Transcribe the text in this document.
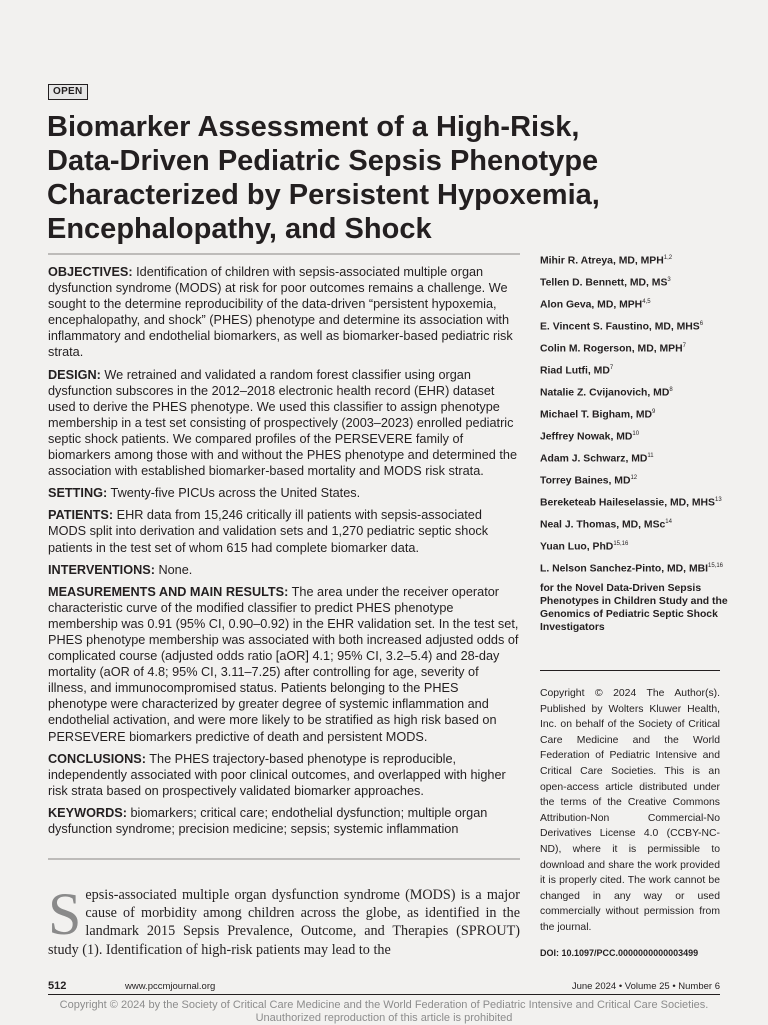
OPEN
Biomarker Assessment of a High-Risk, Data-Driven Pediatric Sepsis Phenotype Characterized by Persistent Hypoxemia, Encephalopathy, and Shock

OBJECTIVES: Identification of children with sepsis-associated multiple organ dysfunction syndrome (MODS) at risk for poor outcomes remains a challenge. We sought to the determine reproducibility of the data-driven “persistent hypoxemia, encephalopathy, and shock” (PHES) phenotype and determine its association with inflammatory and endothelial biomarkers, as well as biomarker-based pediatric risk strata.

DESIGN: We retrained and validated a random forest classifier using organ dysfunction subscores in the 2012–2018 electronic health record (EHR) dataset used to derive the PHES phenotype. We used this classifier to assign phenotype membership in a test set consisting of prospectively (2003–2023) enrolled pediatric septic shock patients. We compared profiles of the PERSEVERE family of biomarkers among those with and without the PHES phenotype and determined the association with established biomarker-based mortality and MODS risk strata.

SETTING: Twenty-five PICUs across the United States.

PATIENTS: EHR data from 15,246 critically ill patients with sepsis-associated MODS split into derivation and validation sets and 1,270 pediatric septic shock patients in the test set of whom 615 had complete biomarker data.

INTERVENTIONS: None.

MEASUREMENTS AND MAIN RESULTS: The area under the receiver operator characteristic curve of the modified classifier to predict PHES phenotype membership was 0.91 (95% CI, 0.90–0.92) in the EHR validation set. In the test set, PHES phenotype membership was associated with both increased adjusted odds of complicated course (adjusted odds ratio [aOR] 4.1; 95% CI, 3.2–5.4) and 28-day mortality (aOR of 4.8; 95% CI, 3.11–7.25) after controlling for age, severity of illness, and immunocompromised status. Patients belonging to the PHES phenotype were characterized by greater degree of systemic inflammation and endothelial activation, and were more likely to be stratified as high risk based on PERSEVERE biomarkers predictive of death and persistent MODS.

CONCLUSIONS: The PHES trajectory-based phenotype is reproducible, independently associated with poor clinical outcomes, and overlapped with higher risk strata based on prospectively validated biomarker approaches.

KEYWORDS: biomarkers; critical care; endothelial dysfunction; multiple organ dysfunction syndrome; precision medicine; sepsis; systemic inflammation

Mihir R. Atreya, MD, MPH$^{1,2}$
Tellen D. Bennett, MD, $MS^3$
Alon Geva, MD, MPH$^{4,5}$
E. Vincent S. Faustino, MD, MHS$^6$
Colin M. Rogerson, MD, MPH$^7$
Riad Lutfi, $MD^7$
Natalie Z. Cvijanovich, $MD^8$
Michael T. Bigham, $MD^9$
Jeffrey Nowak, MD$^{10}$
Adam J. Schwarz, MD$^{11}$
Torrey Baines, MD$^{12}$
Bereketeab Haileselassie, MD, MHS$^{13}$
Neal J. Thomas, MD, MSc$^{14}$
Yuan Luo, PhD$^{15,16}$
L. Nelson Sanchez-Pinto, MD, MBI$^{15,16}$
for the Novel Data-Driven Sepsis Phenotypes in Children Study and the Genomics of Pediatric Septic Shock Investigators
Copyright © 2024 The Author(s). Published by Wolters Kluwer Health, Inc. on behalf of the Society of Critical Care Medicine and the World Federation of Pediatric Intensive and Critical Care Societies. This is an open-access article distributed under the terms of the Creative Commons Attribution-Non Commercial-No Derivatives License 4.0 (CCBY-NC-ND), where it is permissible to download and share the work provided it is properly cited. The work cannot be changed in any way or used commercially without permission from the journal.
DOI: 10.1097/PCC.0000000000003499

Sepsis-associated multiple organ dysfunction syndrome (MODS) is a major cause of morbidity among children across the globe, as identified in the landmark 2015 Sepsis Prevalence, Outcome, and Therapies (SPROUT) study (1). Identification of high-risk patients may lead to the

512	www.pccmjournal.org	June 2024 • Volume 25 • Number 6
Copyright © 2024 by the Society of Critical Care Medicine and the World Federation of Pediatric Intensive and Critical Care Societies.
Unauthorized reproduction of this article is prohibited
